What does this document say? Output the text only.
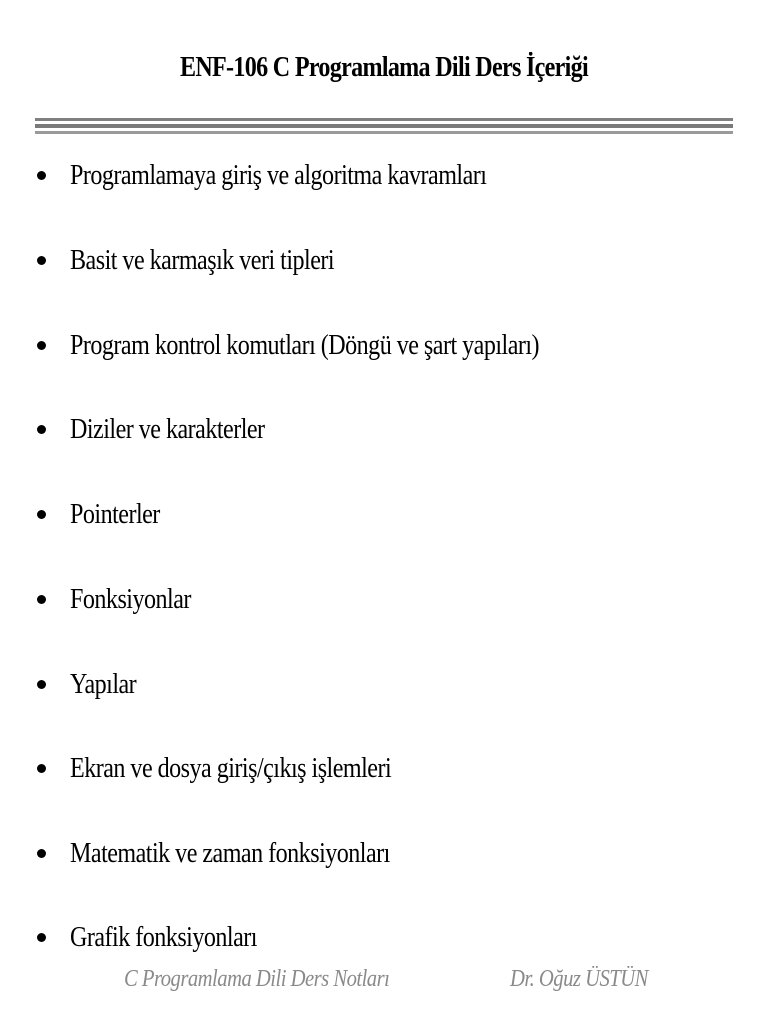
ENF-106 C Programlama Dili Ders İçeriği
Programlamaya giriş ve algoritma kavramları
Basit ve karmaşık veri tipleri
Program kontrol komutları (Döngü ve şart yapıları)
Diziler ve karakterler
Pointerler
Fonksiyonlar
Yapılar
Ekran ve dosya giriş/çıkış işlemleri
Matematik ve zaman fonksiyonları
Grafik fonksiyonları
C Programlama Dili Ders Notları	Dr. Oğuz ÜSTÜN
